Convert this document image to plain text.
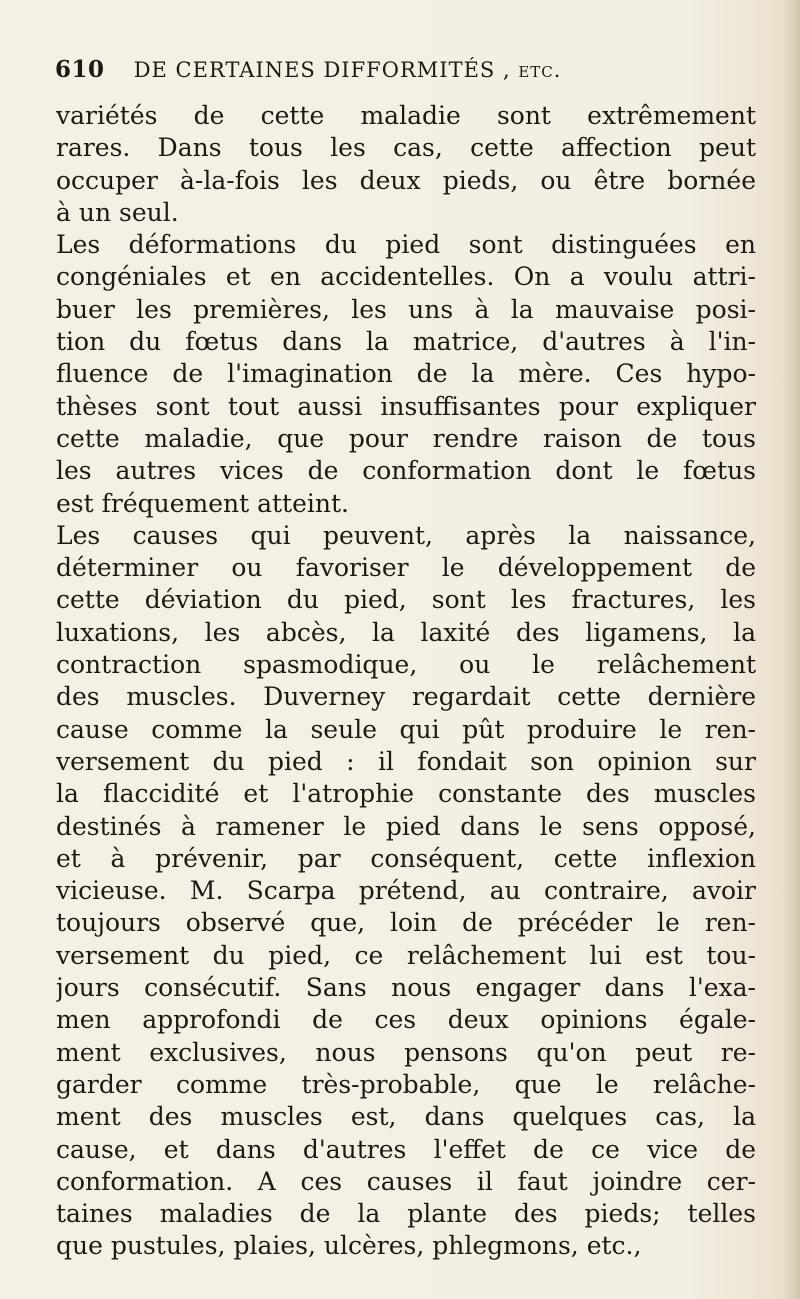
610 DE CERTAINES DIFFORMITÉS , etc.
variétés de cette maladie sont extrêmement
rares. Dans tous les cas, cette affection peut
occuper à-la-fois les deux pieds, ou être bornée
à un seul.
Les déformations du pied sont distinguées en
congéniales et en accidentelles. On a voulu attri-
buer les premières, les uns à la mauvaise posi-
tion du fœtus dans la matrice, d'autres à l'in-
fluence de l'imagination de la mère. Ces hypo-
thèses sont tout aussi insuffisantes pour expliquer
cette maladie, que pour rendre raison de tous
les autres vices de conformation dont le fœtus
est fréquement atteint.
Les causes qui peuvent, après la naissance,
déterminer ou favoriser le développement de
cette déviation du pied, sont les fractures, les
luxations, les abcès, la laxité des ligamens, la
contraction spasmodique, ou le relâchement
des muscles. Duverney regardait cette dernière
cause comme la seule qui pût produire le ren-
versement du pied : il fondait son opinion sur
la flaccidité et l'atrophie constante des muscles
destinés à ramener le pied dans le sens opposé,
et à prévenir, par conséquent, cette inflexion
vicieuse. M. Scarpa prétend, au contraire, avoir
toujours observé que, loin de précéder le ren-
versement du pied, ce relâchement lui est tou-
jours consécutif. Sans nous engager dans l'exa-
men approfondi de ces deux opinions égale-
ment exclusives, nous pensons qu'on peut re-
garder comme très-probable, que le relâche-
ment des muscles est, dans quelques cas, la
cause, et dans d'autres l'effet de ce vice de
conformation. A ces causes il faut joindre cer-
taines maladies de la plante des pieds; telles
que pustules, plaies, ulcères, phlegmons, etc.,
